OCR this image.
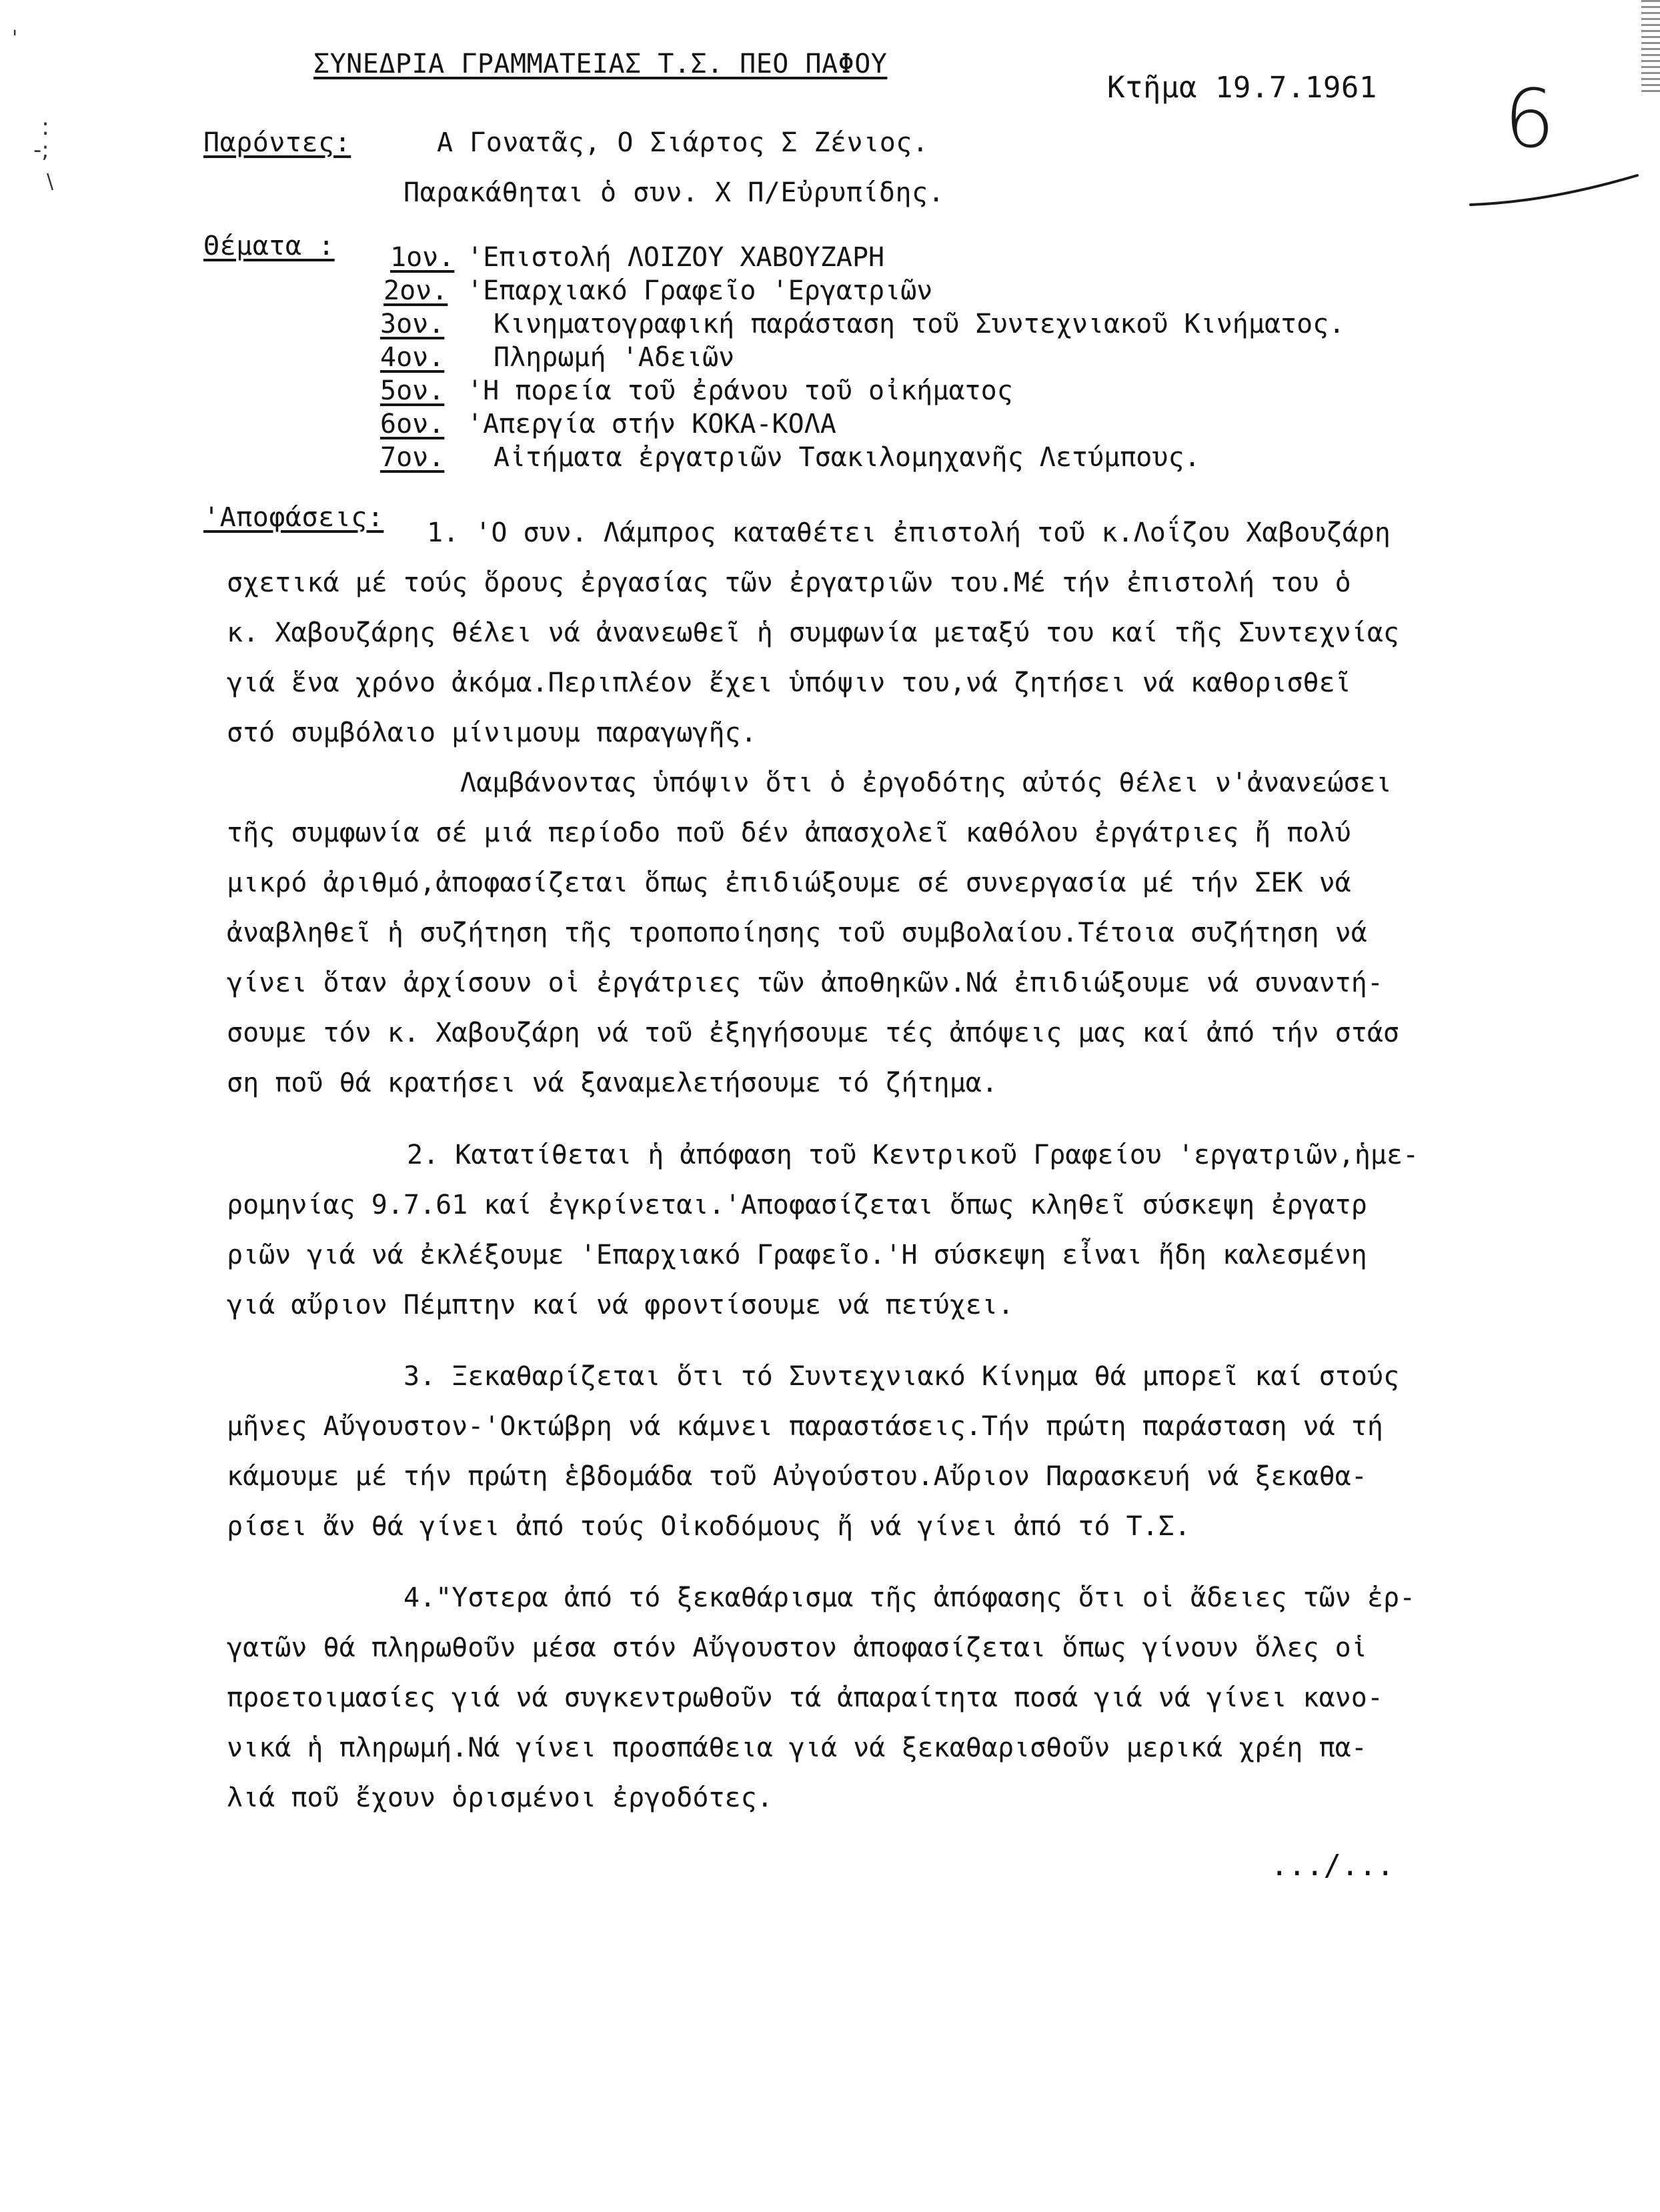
'
:
-;
\
ΣΥΝΕΔΡΙΑ ΓΡΑΜΜΑΤΕΙΑΣ Τ.Σ. ΠΕΟ ΠΑΦΟΥ
Κτῆμα 19.7.1961 6
Παρόντες:	Α Γονατᾶς, Ο Σιάρτος Σ Ζένιος.
Παρακάθηται ὁ συν. Χ Π/Εὐρυπίδης.
Θέματα : 1ον. 'Επιστολή ΛΟΙΖΟΥ ΧΑΒΟΥΖΑΡΗ
2ον. 'Επαρχιακό Γραφεῖο 'Εργατριῶν
3ον. Κινηματογραφική παράσταση τοῦ Συντεχνιακοῦ Κινήματος.
4ον. Πληρωμή 'Αδειῶν
5ον. 'Η πορεία τοῦ ἐράνου τοῦ οἰκήματος
6ον. 'Απεργία στήν ΚΟΚΑ-ΚΟΛΑ
7ον. Αἰτήματα ἐργατριῶν Τσακιλομηχανῆς Λετύμπους.
'Αποφάσεις: 1. 'Ο συν. Λάμπρος καταθέτει ἐπιστολή τοῦ κ.Λοΐζου Χαβουζάρη
σχετικά μέ τούς ὅρους ἐργασίας τῶν ἐργατριῶν του.Μέ τήν ἐπιστολή του ὁ
κ. Χαβουζάρης θέλει νά ἀνανεωθεῖ ἡ συμφωνία μεταξύ του καί τῆς Συντεχνίας
γιά ἕνα χρόνο ἀκόμα.Περιπλέον ἔχει ὑπόψιν του,νά ζητήσει νά καθορισθεῖ
στό συμβόλαιο μίνιμουμ παραγωγῆς.
Λαμβάνοντας ὑπόψιν ὅτι ὁ ἐργοδότης αὐτός θέλει ν'ἀνανεώσει
τῆς συμφωνία σέ μιά περίοδο ποῦ δέν ἀπασχολεῖ καθόλου ἐργάτριες ἤ πολύ
μικρό ἀριθμό,ἀποφασίζεται ὅπως ἐπιδιώξουμε σέ συνεργασία μέ τήν ΣΕΚ νά
ἀναβληθεῖ ἡ συζήτηση τῆς τροποποίησης τοῦ συμβολαίου.Τέτοια συζήτηση νά
γίνει ὅταν ἀρχίσουν οἱ ἐργάτριες τῶν ἀποθηκῶν.Νά ἐπιδιώξουμε νά συναντή-
σουμε τόν κ. Χαβουζάρη νά τοῦ ἐξηγήσουμε τές ἀπόψεις μας καί ἀπό τήν στάσ
ση ποῦ θά κρατήσει νά ξαναμελετήσουμε τό ζήτημα.
2. Κατατίθεται ἡ ἀπόφαση τοῦ Κεντρικοῦ Γραφείου 'εργατριῶν,ἡμε-
ρομηνίας 9.7.61 καί ἐγκρίνεται.'Αποφασίζεται ὅπως κληθεῖ σύσκεψη ἐργατρ
ριῶν γιά νά ἐκλέξουμε 'Επαρχιακό Γραφεῖο.'Η σύσκεψη εἶναι ἤδη καλεσμένη
γιά αὔριον Πέμπτην καί νά φροντίσουμε νά πετύχει.
3. Ξεκαθαρίζεται ὅτι τό Συντεχνιακό Κίνημα θά μπορεῖ καί στούς
μῆνες Αὔγουστον-'Οκτώβρη νά κάμνει παραστάσεις.Τήν πρώτη παράσταση νά τή
κάμουμε μέ τήν πρώτη ἑβδομάδα τοῦ Αὐγούστου.Αὔριον Παρασκευή νά ξεκαθα-
ρίσει ἄν θά γίνει ἀπό τούς Οἰκοδόμους ἤ νά γίνει ἀπό τό Τ.Σ.
4."Υστερα ἀπό τό ξεκαθάρισμα τῆς ἀπόφασης ὅτι οἱ ἄδειες τῶν ἐρ-
γατῶν θά πληρωθοῦν μέσα στόν Αὔγουστον ἀποφασίζεται ὅπως γίνουν ὅλες οἱ
προετοιμασίες γιά νά συγκεντρωθοῦν τά ἀπαραίτητα ποσά γιά νά γίνει κανο-
νικά ἡ πληρωμή.Νά γίνει προσπάθεια γιά νά ξεκαθαρισθοῦν μερικά χρέη πα-
λιά ποῦ ἔχουν ὁρισμένοι ἐργοδότες.
.../...
